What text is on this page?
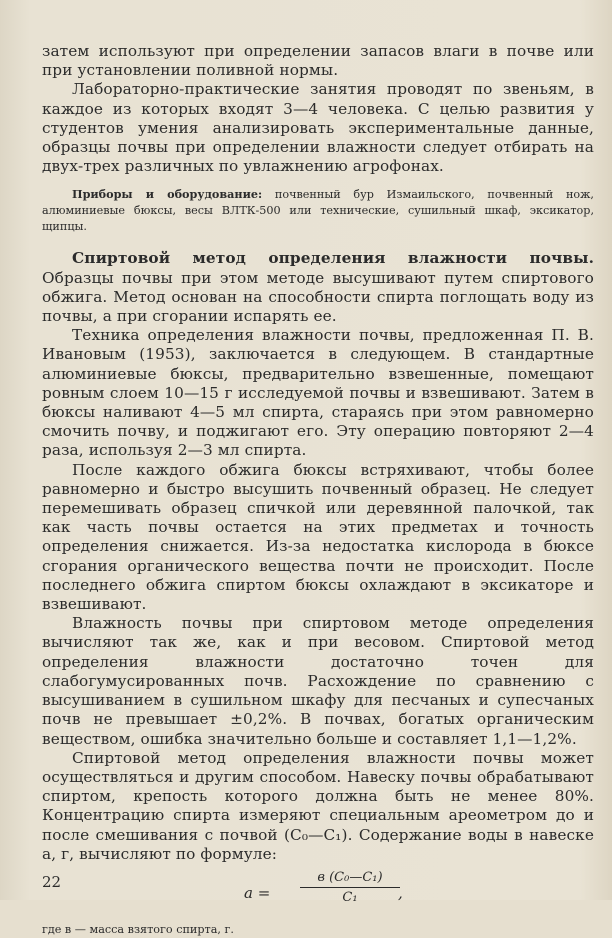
затем используют при определении запасов влаги в почве или при установлении поливной нормы.

Лабораторно-практические занятия проводят по звеньям, в каждое из которых входят 3—4 человека. С целью развития у студентов умения анализировать экспериментальные данные, образцы почвы при определении влажности следует отбирать на двух-трех различных по увлажнению агрофонах.

Приборы и оборудование: почвенный бур Измаильского, почвенный нож, алюминиевые бюксы, весы ВЛТК-500 или технические, сушильный шкаф, эксикатор, щипцы.

Спиртовой метод определения влажности почвы. Образцы почвы при этом методе высушивают путем спиртового обжига. Метод основан на способности спирта поглощать воду из почвы, а при сгорании испарять ее.

Техника определения влажности почвы, предложенная П. В. Ивановым (1953), заключается в следующем. В стандартные алюминиевые бюксы, предварительно взвешенные, помещают ровным слоем 10—15 г исследуемой почвы и взвешивают. Затем в бюксы наливают 4—5 мл спирта, стараясь при этом равномерно смочить почву, и поджигают его. Эту операцию повторяют 2—4 раза, используя 2—3 мл спирта.

После каждого обжига бюксы встряхивают, чтобы более равномерно и быстро высушить почвенный образец. Не следует перемешивать образец спичкой или деревянной палочкой, так как часть почвы остается на этих предметах и точность определения снижается. Из-за недостатка кислорода в бюксе сгорания органического вещества почти не происходит. После последнего обжига спиртом бюксы охлаждают в эксикаторе и взвешивают.

Влажность почвы при спиртовом методе определения вычисляют так же, как и при весовом. Спиртовой метод определения влажности достаточно точен для слабогумусированных почв. Расхождение по сравнению с высушиванием в сушильном шкафу для песчаных и супесчаных почв не превышает ±0,2%. В почвах, богатых органическим веществом, ошибка значительно больше и составляет 1,1—1,2%.

Спиртовой метод определения влажности почвы может осуществляться и другим способом. Навеску почвы обрабатывают спиртом, крепость которого должна быть не менее 80%. Концентрацию спирта измеряют специальным ареометром до и после смешивания с почвой (C₀—C₁). Содержание воды в навеске a, г, вычисляют по формуле:

a =
в (C₀—C₁)
C₁	,

где в — масса взятого спирта, г.

22
